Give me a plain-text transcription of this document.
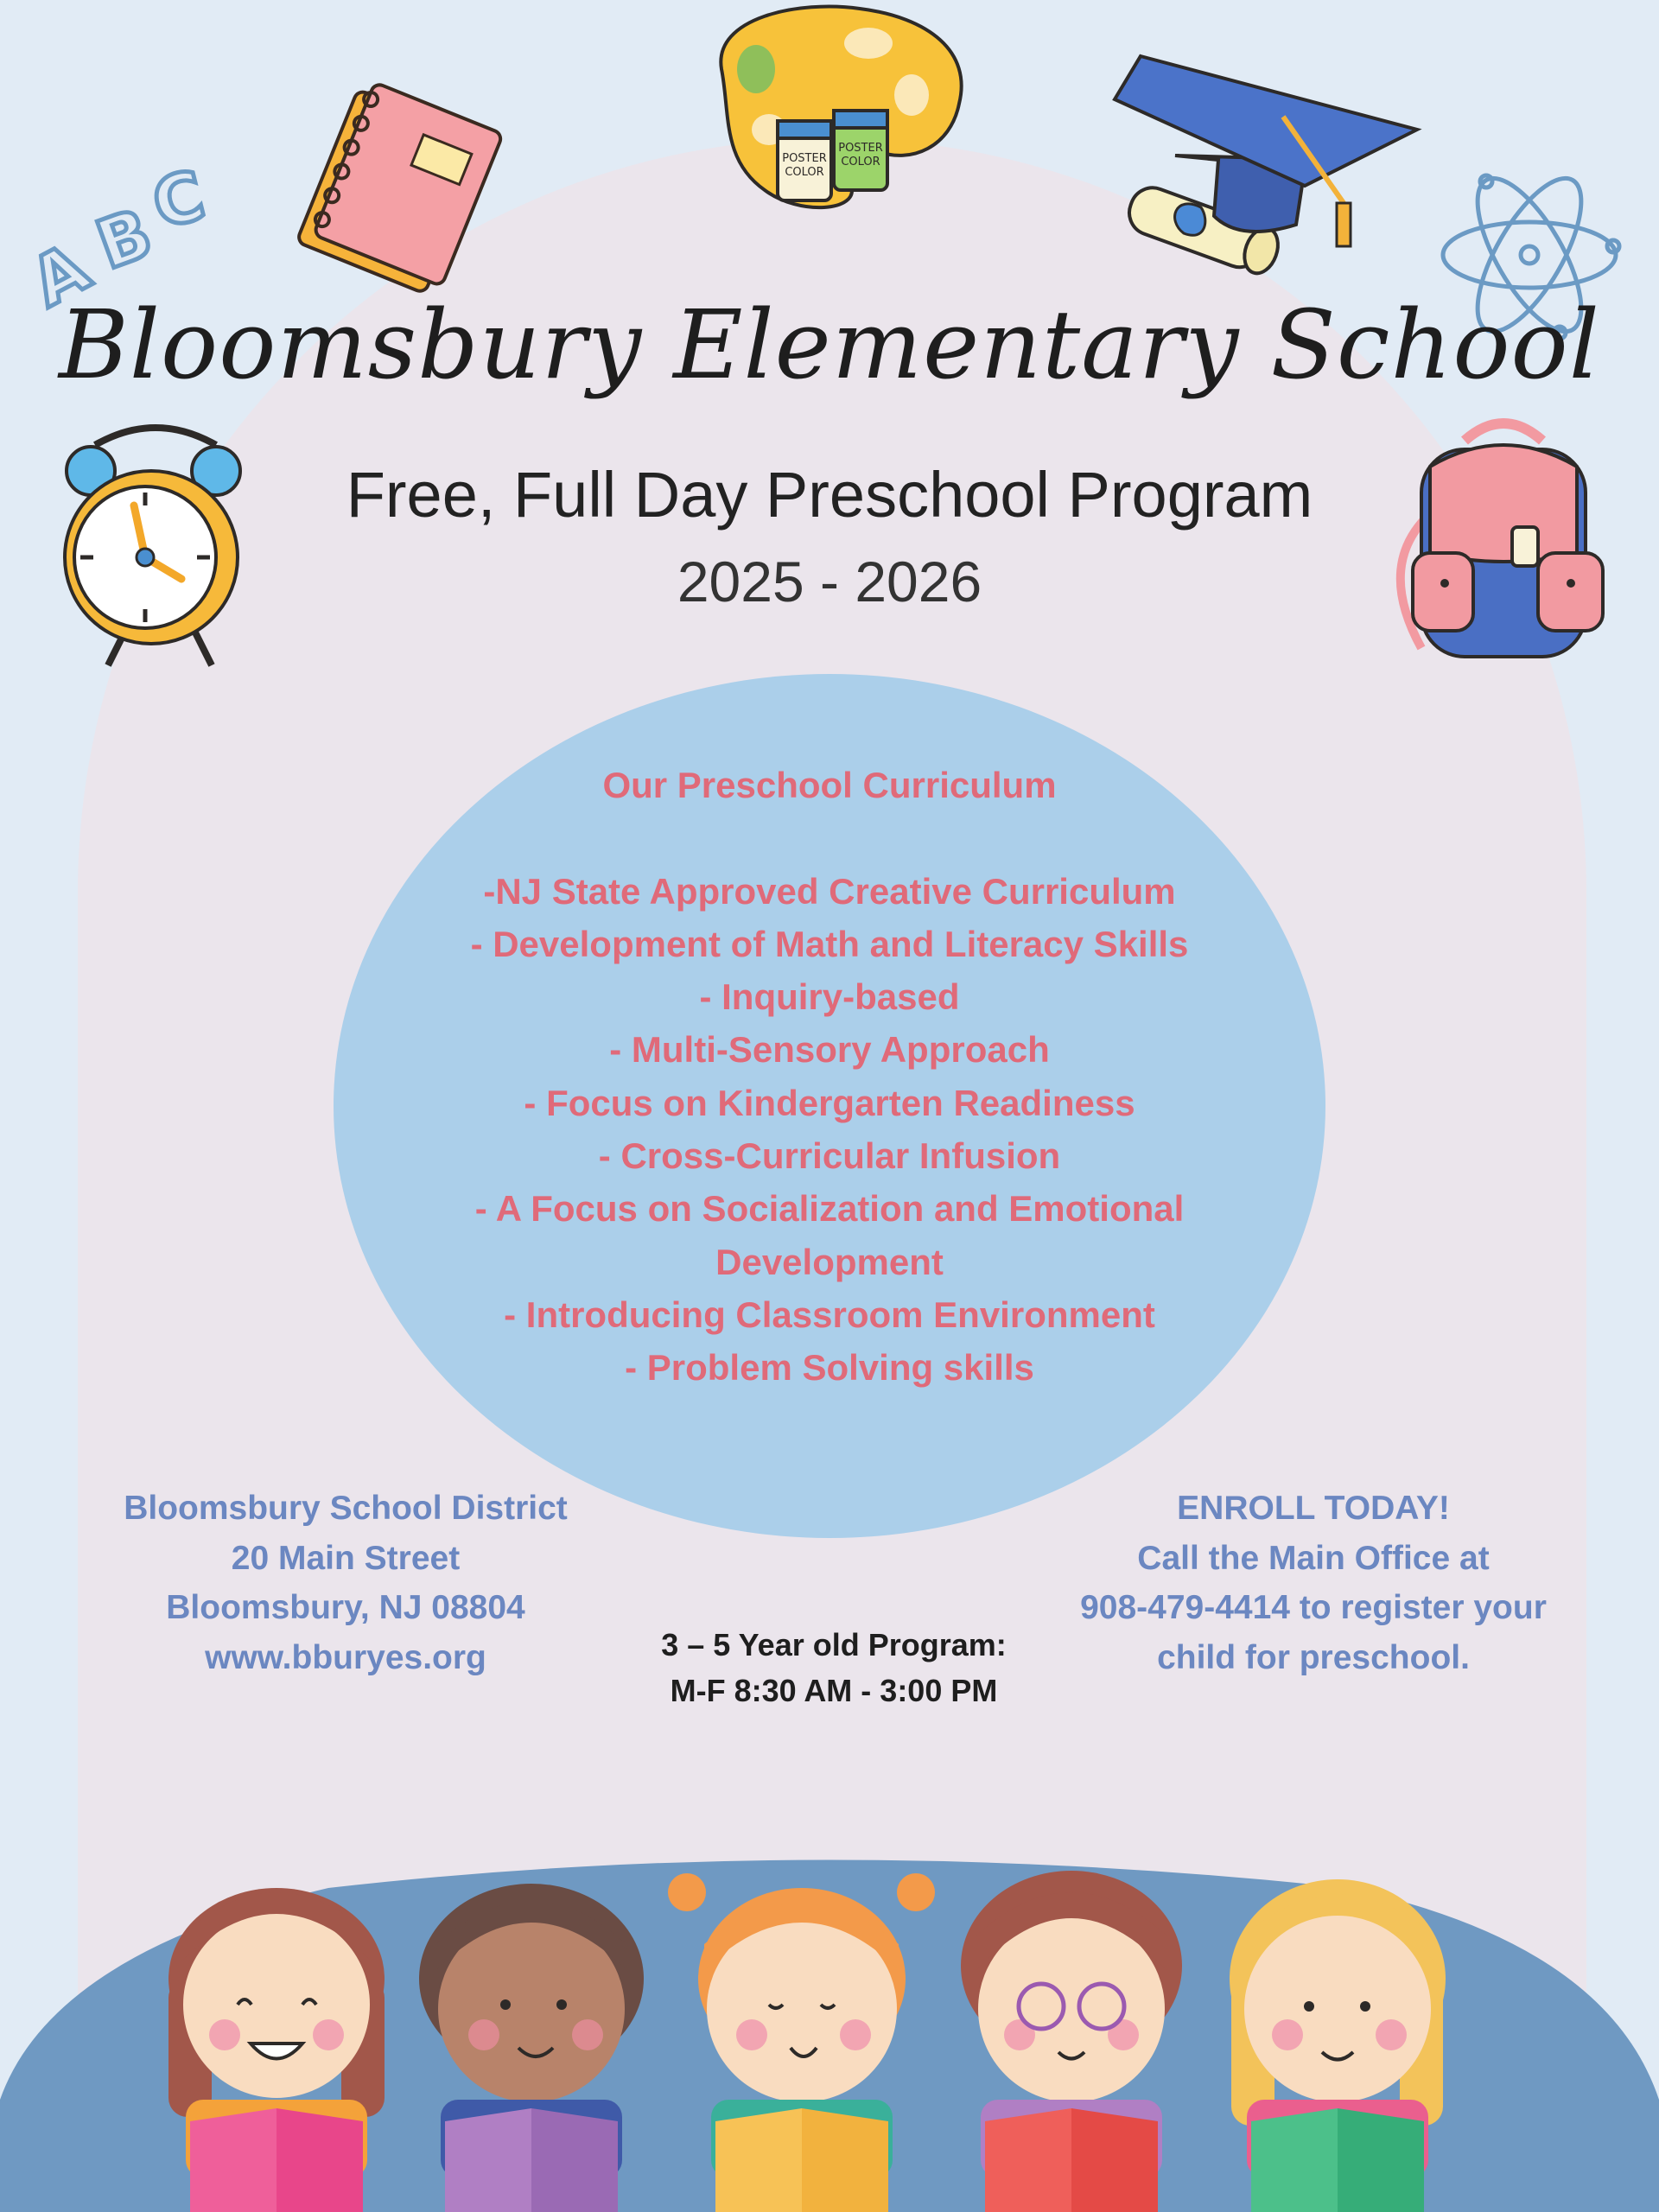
A
B
C	POSTER
COLOR
POSTER
COLOR
Bloomsbury Elementary School
Free, Full Day Preschool Program
2025 - 2026
Our Preschool Curriculum
-NJ State Approved Creative Curriculum
- Development of Math and Literacy Skills
- Inquiry-based
- Multi-Sensory Approach
- Focus on Kindergarten Readiness
- Cross-Curricular Infusion
- A Focus on Socialization and Emotional
Development
- Introducing Classroom Environment
- Problem Solving skills
Bloomsbury School District
20 Main Street
Bloomsbury, NJ 08804
www.bburyes.org	3 – 5 Year old Program:
M-F 8:30 AM - 3:00 PM
ENROLL TODAY!
Call the Main Office at
908-479-4414 to register your
child for preschool.
